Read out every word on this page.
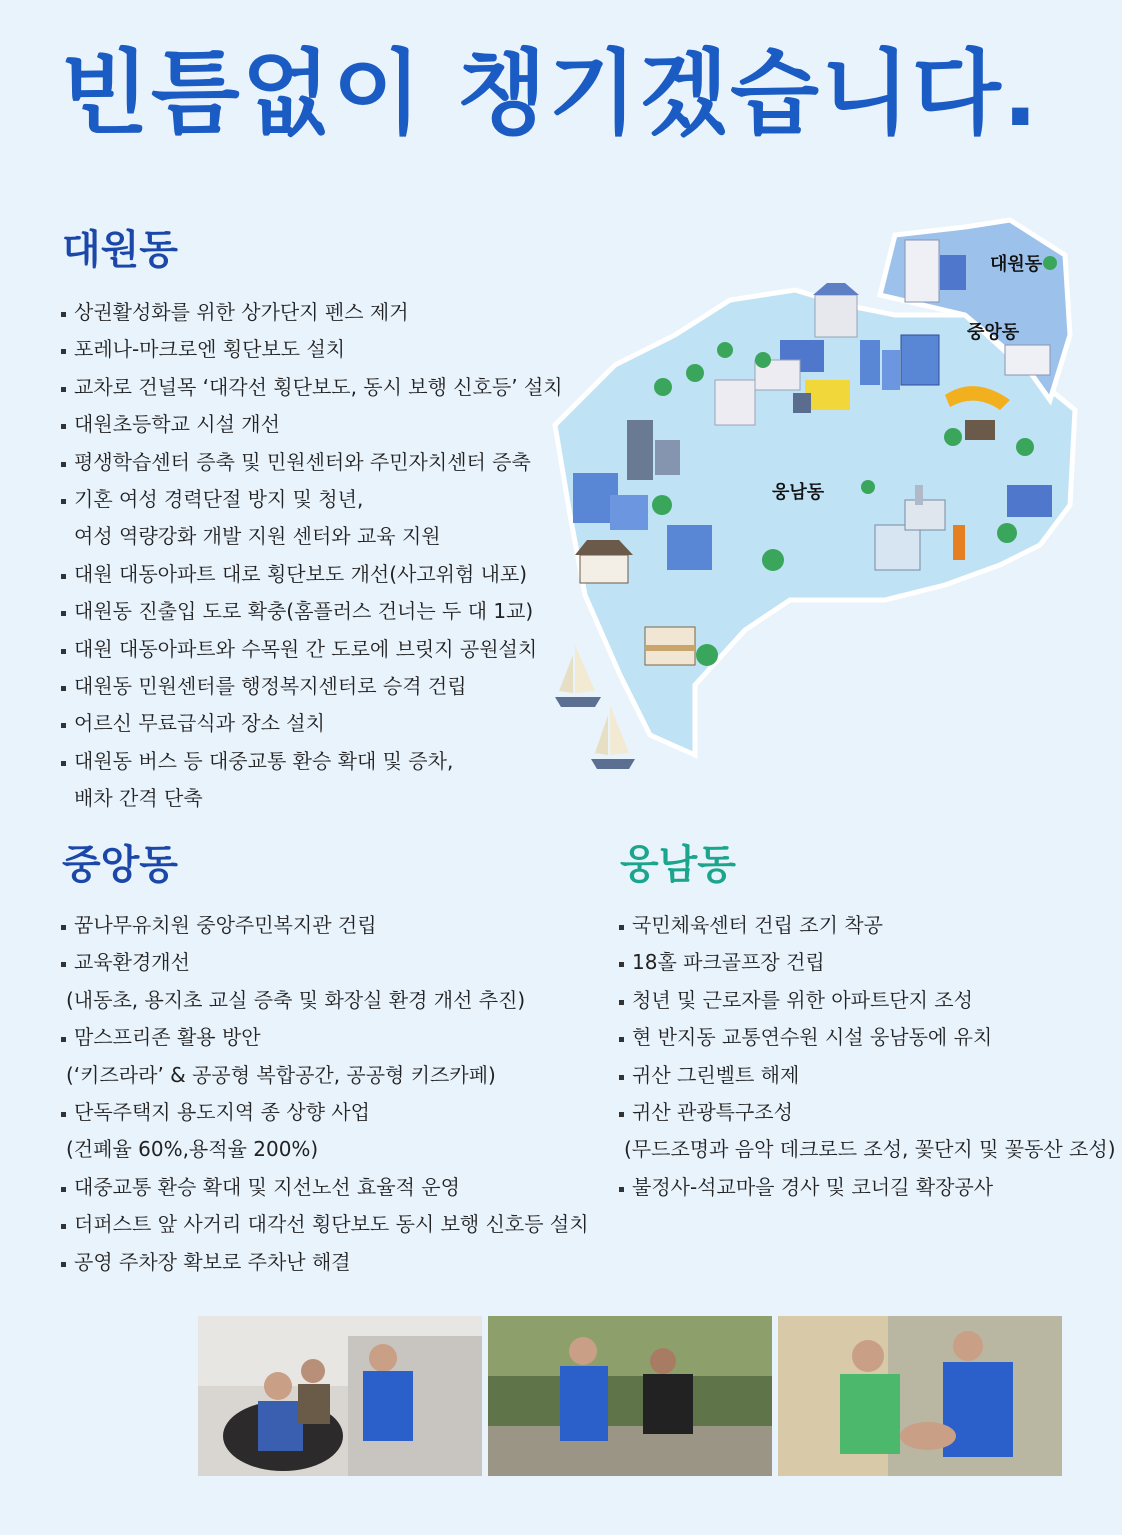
빈틈없이 챙기겠습니다.
대원동
상권활성화를 위한 상가단지 펜스 제거
포레나-마크로엔 횡단보도 설치
교차로 건널목 ‘대각선 횡단보도, 동시 보행 신호등’ 설치
대원초등학교 시설 개선
평생학습센터 증축 및 민원센터와 주민자치센터 증축
기혼 여성 경력단절 방지 및 청년,
여성 역량강화 개발 지원 센터와 교육 지원
대원 대동아파트 대로 횡단보도 개선(사고위험 내포)
대원동 진출입 도로 확충(홈플러스 건너는 두 대 1교)
대원 대동아파트와 수목원 간 도로에 브릿지 공원설치
대원동 민원센터를 행정복지센터로 승격 건립
어르신 무료급식과 장소 설치
대원동 버스 등 대중교통 환승 확대 및 증차,
배차 간격 단축
중앙동
꿈나무유치원 중앙주민복지관 건립
교육환경개선
(내동초, 용지초 교실 증축 및 화장실 환경 개선 추진)
맘스프리존 활용 방안
(‘키즈라라’ & 공공형 복합공간, 공공형 키즈카페)
단독주택지 용도지역 종 상향 사업
(건폐율 60%,용적율 200%)
대중교통 환승 확대 및 지선노선 효율적 운영
더퍼스트 앞 사거리 대각선 횡단보도 동시 보행 신호등 설치
공영 주차장 확보로 주차난 해결
웅남동
국민체육센터 건립 조기 착공
18홀 파크골프장 건립
청년 및 근로자를 위한 아파트단지 조성
현 반지동 교통연수원 시설 웅남동에 유치
귀산 그린벨트 해제
귀산 관광특구조성
(무드조명과 음악 데크로드 조성, 꽃단지 및 꽃동산 조성)
불정사-석교마을 경사 및 코너길 확장공사
대원동
중앙동
웅남동
